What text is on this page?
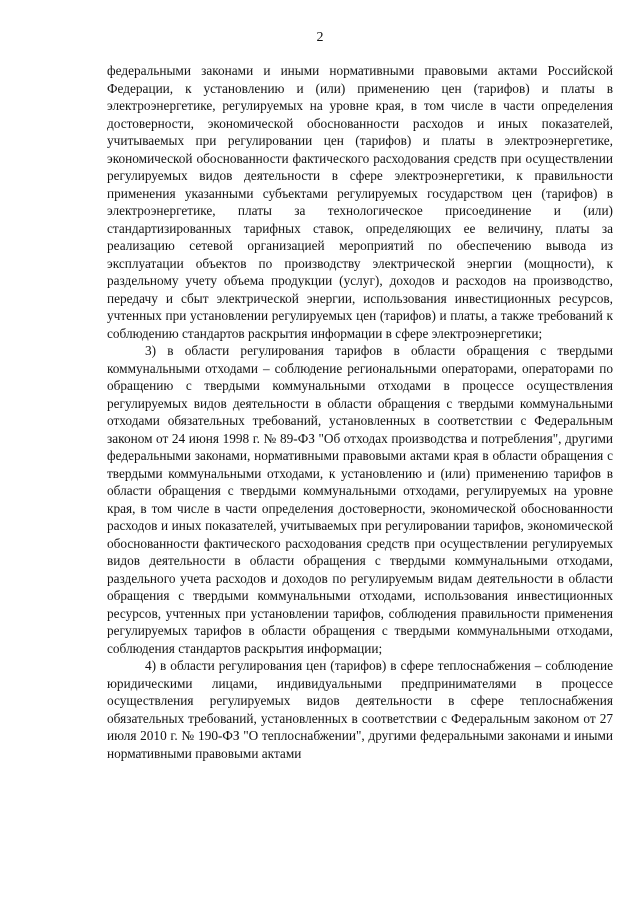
2

федеральными законами и иными нормативными правовыми актами Российской Федерации, к установлению и (или) применению цен (тарифов) и платы в электроэнергетике, регулируемых на уровне края, в том числе в части определения достоверности, экономической обоснованности расходов и иных показателей, учитываемых при регулировании цен (тарифов) и платы в электроэнергетике, экономической обоснованности фактического расходования средств при осуществлении регулируемых видов деятельности в сфере электроэнергетики, к правильности применения указанными субъектами регулируемых государством цен (тарифов) в электроэнергетике, платы за технологическое присоединение и (или) стандартизированных тарифных ставок, определяющих ее величину, платы за реализацию сетевой организацией мероприятий по обеспечению вывода из эксплуатации объектов по производству электрической энергии (мощности), к раздельному учету объема продукции (услуг), доходов и расходов на производство, передачу и сбыт электрической энергии, использования инвестиционных ресурсов, учтенных при установлении регулируемых цен (тарифов) и платы, а также требований к соблюдению стандартов раскрытия информации в сфере электроэнергетики;

3) в области регулирования тарифов в области обращения с твердыми коммунальными отходами – соблюдение региональными операторами, операторами по обращению с твердыми коммунальными отходами в процессе осуществления регулируемых видов деятельности в области обращения с твердыми коммунальными отходами обязательных требований, установленных в соответствии с Федеральным законом от 24 июня 1998 г. № 89-ФЗ "Об отходах производства и потребления", другими федеральными законами, нормативными правовыми актами края в области обращения с твердыми коммунальными отходами, к установлению и (или) применению тарифов в области обращения с твердыми коммунальными отходами, регулируемых на уровне края, в том числе в части определения достоверности, экономической обоснованности расходов и иных показателей, учитываемых при регулировании тарифов, экономической обоснованности фактического расходования средств при осуществлении регулируемых видов деятельности в области обращения с твердыми коммунальными отходами, раздельного учета расходов и доходов по регулируемым видам деятельности в области обращения с твердыми коммунальными отходами, использования инвестиционных ресурсов, учтенных при установлении тарифов, соблюдения правильности применения регулируемых тарифов в области обращения с твердыми коммунальными отходами, соблюдения стандартов раскрытия информации;

4) в области регулирования цен (тарифов) в сфере теплоснабжения – соблюдение юридическими лицами, индивидуальными предпринимателями в процессе осуществления регулируемых видов деятельности в сфере теплоснабжения обязательных требований, установленных в соответствии с Федеральным законом от 27 июля 2010 г. № 190-ФЗ "О теплоснабжении", другими федеральными законами и иными нормативными правовыми актами
